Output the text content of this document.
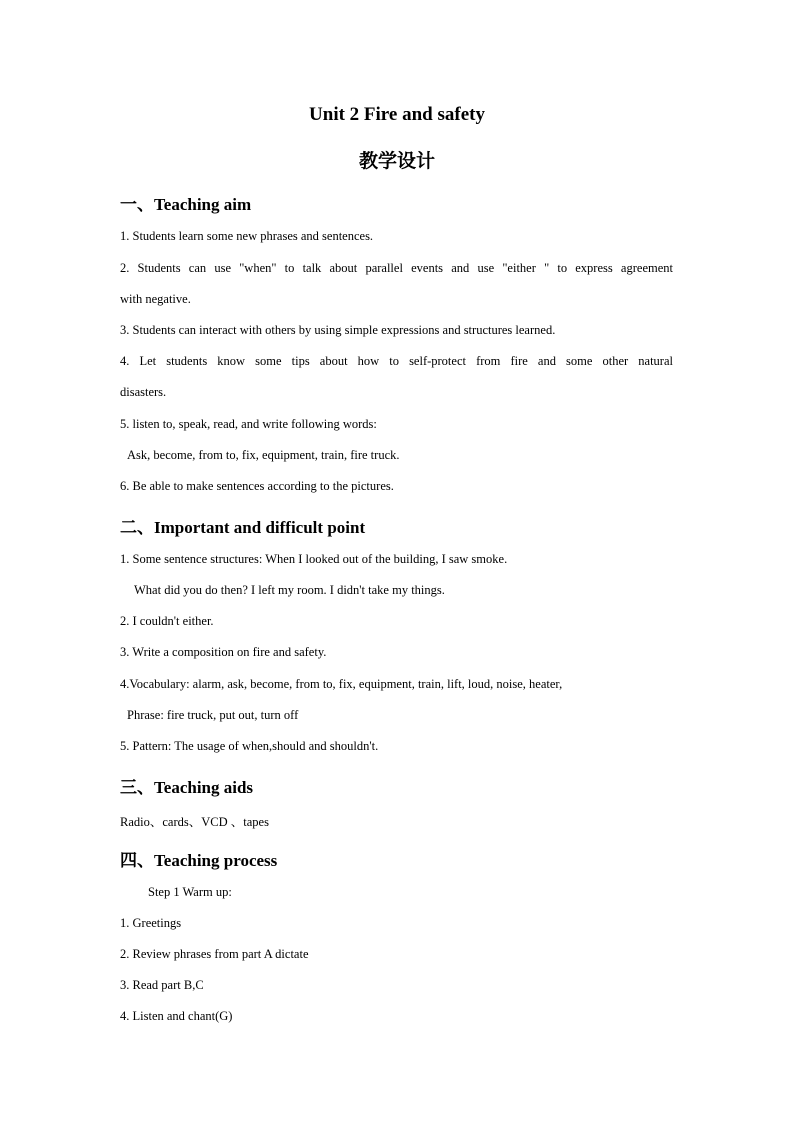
Unit 2 Fire and safety
教学设计
一、Teaching aim
1. Students learn some new phrases and sentences.
2. Students can use "when" to talk about parallel events and use "either " to express agreement
with negative.
3. Students can interact with others by using simple expressions and structures learned.
4. Let students know some tips about how to self-protect from fire and some other natural
disasters.
5. listen to, speak, read, and write following words:
Ask, become, from to, fix, equipment, train, fire truck.
6. Be able to make sentences according to the pictures.
二、Important and difficult point
1. Some sentence structures: When I looked out of the building, I saw smoke.
What did you do then? I left my room. I didn't take my things.
2. I couldn't either.
3. Write a composition on fire and safety.
4.Vocabulary: alarm, ask, become, from to, fix, equipment, train, lift, loud, noise, heater,
Phrase: fire truck, put out, turn off
5. Pattern: The usage of when,should and shouldn't.
三、Teaching aids
Radio、cards、VCD 、tapes
四、Teaching process
Step 1 Warm up:
1. Greetings
2. Review phrases from part A dictate
3. Read part B,C
4. Listen and chant(G)
